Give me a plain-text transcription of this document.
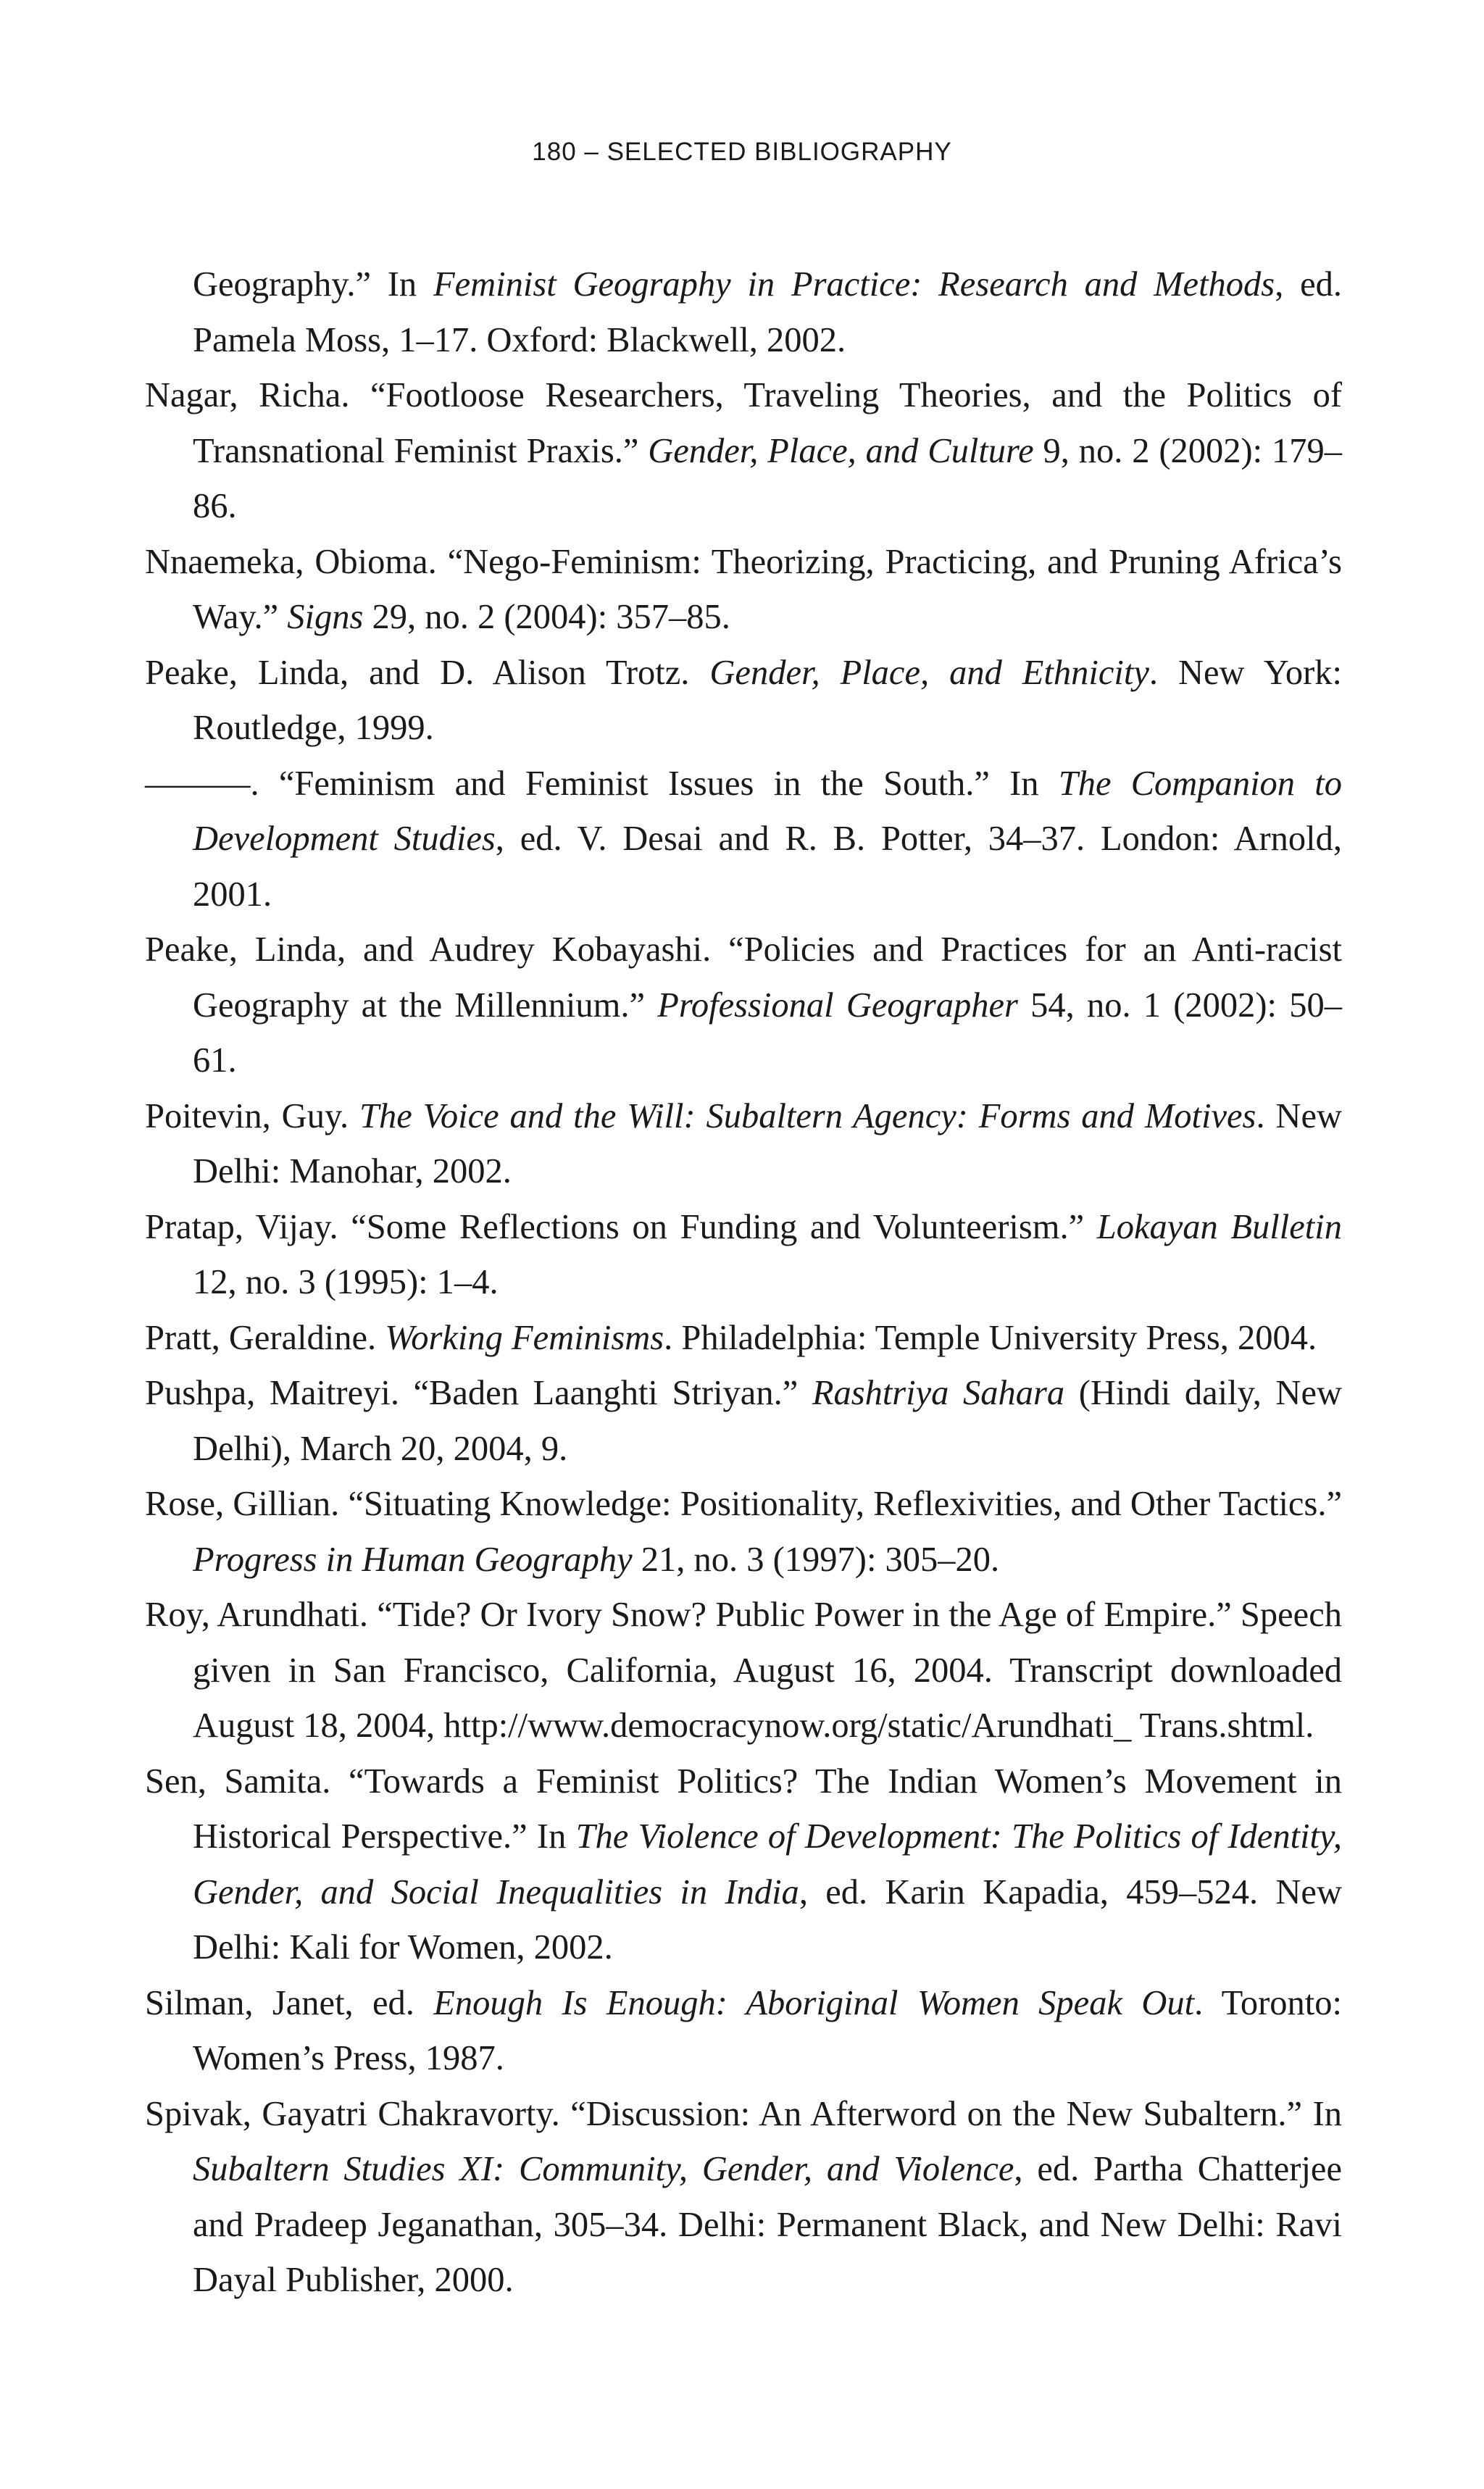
180 – SELECTED BIBLIOGRAPHY

Geography.” In Feminist Geography in Practice: Research and Methods, ed. Pamela Moss, 1–17. Oxford: Blackwell, 2002.

Nagar, Richa. “Footloose Researchers, Traveling Theories, and the Politics of Transnational Feminist Praxis.” Gender, Place, and Culture 9, no. 2 (2002): 179–86.

Nnaemeka, Obioma. “Nego-Feminism: Theorizing, Practicing, and Pruning Africa’s Way.” Signs 29, no. 2 (2004): 357–85.

Peake, Linda, and D. Alison Trotz. Gender, Place, and Ethnicity. New York: Routledge, 1999.

———. “Feminism and Feminist Issues in the South.” In The Companion to Development Studies, ed. V. Desai and R. B. Potter, 34–37. London: Arnold, 2001.

Peake, Linda, and Audrey Kobayashi. “Policies and Practices for an Anti-racist Geography at the Millennium.” Professional Geographer 54, no. 1 (2002): 50–61.

Poitevin, Guy. The Voice and the Will: Subaltern Agency: Forms and Motives. New Delhi: Manohar, 2002.

Pratap, Vijay. “Some Reflections on Funding and Volunteerism.” Lokayan Bulletin 12, no. 3 (1995): 1–4.

Pratt, Geraldine. Working Feminisms. Philadelphia: Temple University Press, 2004.

Pushpa, Maitreyi. “Baden Laanghti Striyan.” Rashtriya Sahara (Hindi daily, New Delhi), March 20, 2004, 9.

Rose, Gillian. “Situating Knowledge: Positionality, Reflexivities, and Other Tactics.” Progress in Human Geography 21, no. 3 (1997): 305–20.

Roy, Arundhati. “Tide? Or Ivory Snow? Public Power in the Age of Empire.” Speech given in San Francisco, California, August 16, 2004. Transcript downloaded August 18, 2004, http://www.democracynow.org/static/Arundhati_ Trans.shtml.

Sen, Samita. “Towards a Feminist Politics? The Indian Women’s Movement in Historical Perspective.” In The Violence of Development: The Politics of Identity, Gender, and Social Inequalities in India, ed. Karin Kapadia, 459–524. New Delhi: Kali for Women, 2002.

Silman, Janet, ed. Enough Is Enough: Aboriginal Women Speak Out. Toronto: Women’s Press, 1987.

Spivak, Gayatri Chakravorty. “Discussion: An Afterword on the New Subaltern.” In Subaltern Studies XI: Community, Gender, and Violence, ed. Partha Chatterjee and Pradeep Jeganathan, 305–34. Delhi: Permanent Black, and New Delhi: Ravi Dayal Publisher, 2000.
